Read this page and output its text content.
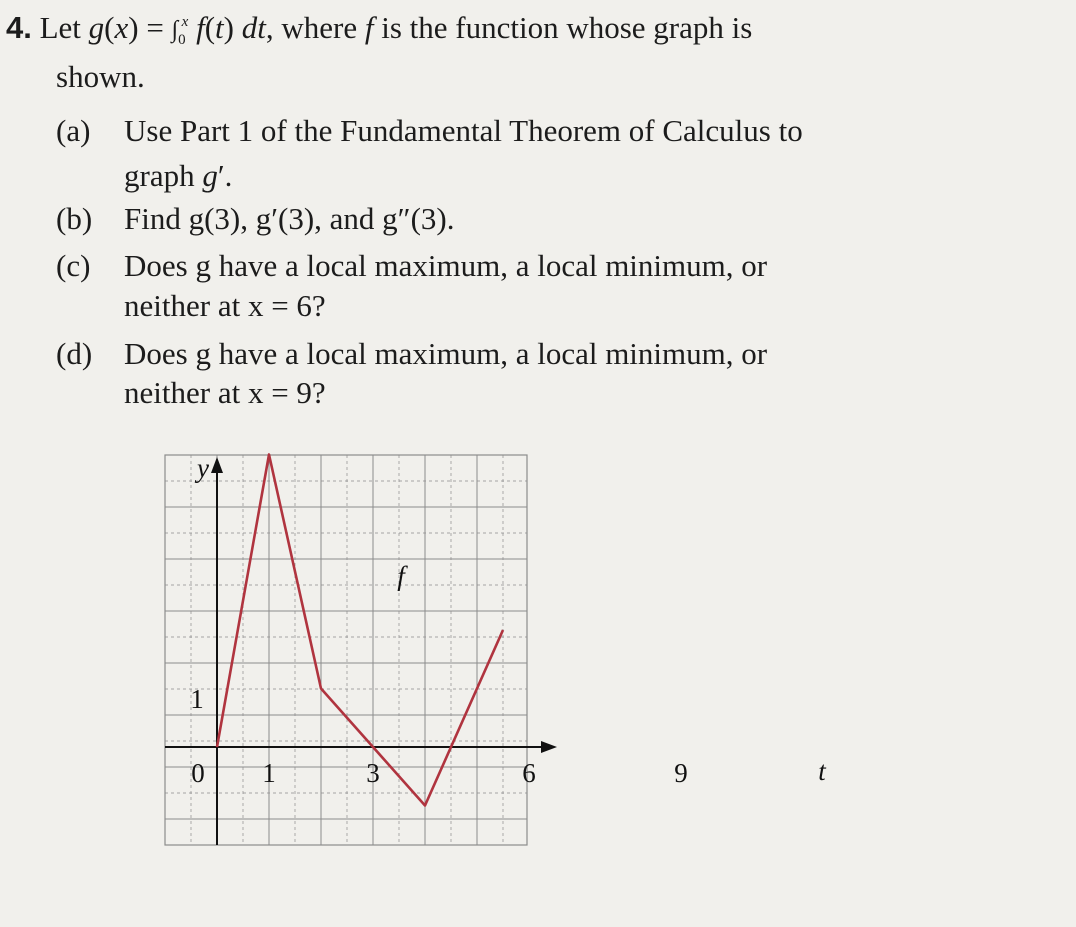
4. Let $g(x) = \int_0^x$ f(t) dt, where f is the function whose graph is
shown.
(a) Use Part 1 of the Fundamental Theorem of Calculus to
graph g′.
(b) Find g(3), g′(3), and g″(3).
(c) Does g have a local maximum, a local minimum, or
neither at x = 6?
(d) Does g have a local maximum, a local minimum, or
neither at x = 9?
0 1	3	6	9
1
y
t
f
